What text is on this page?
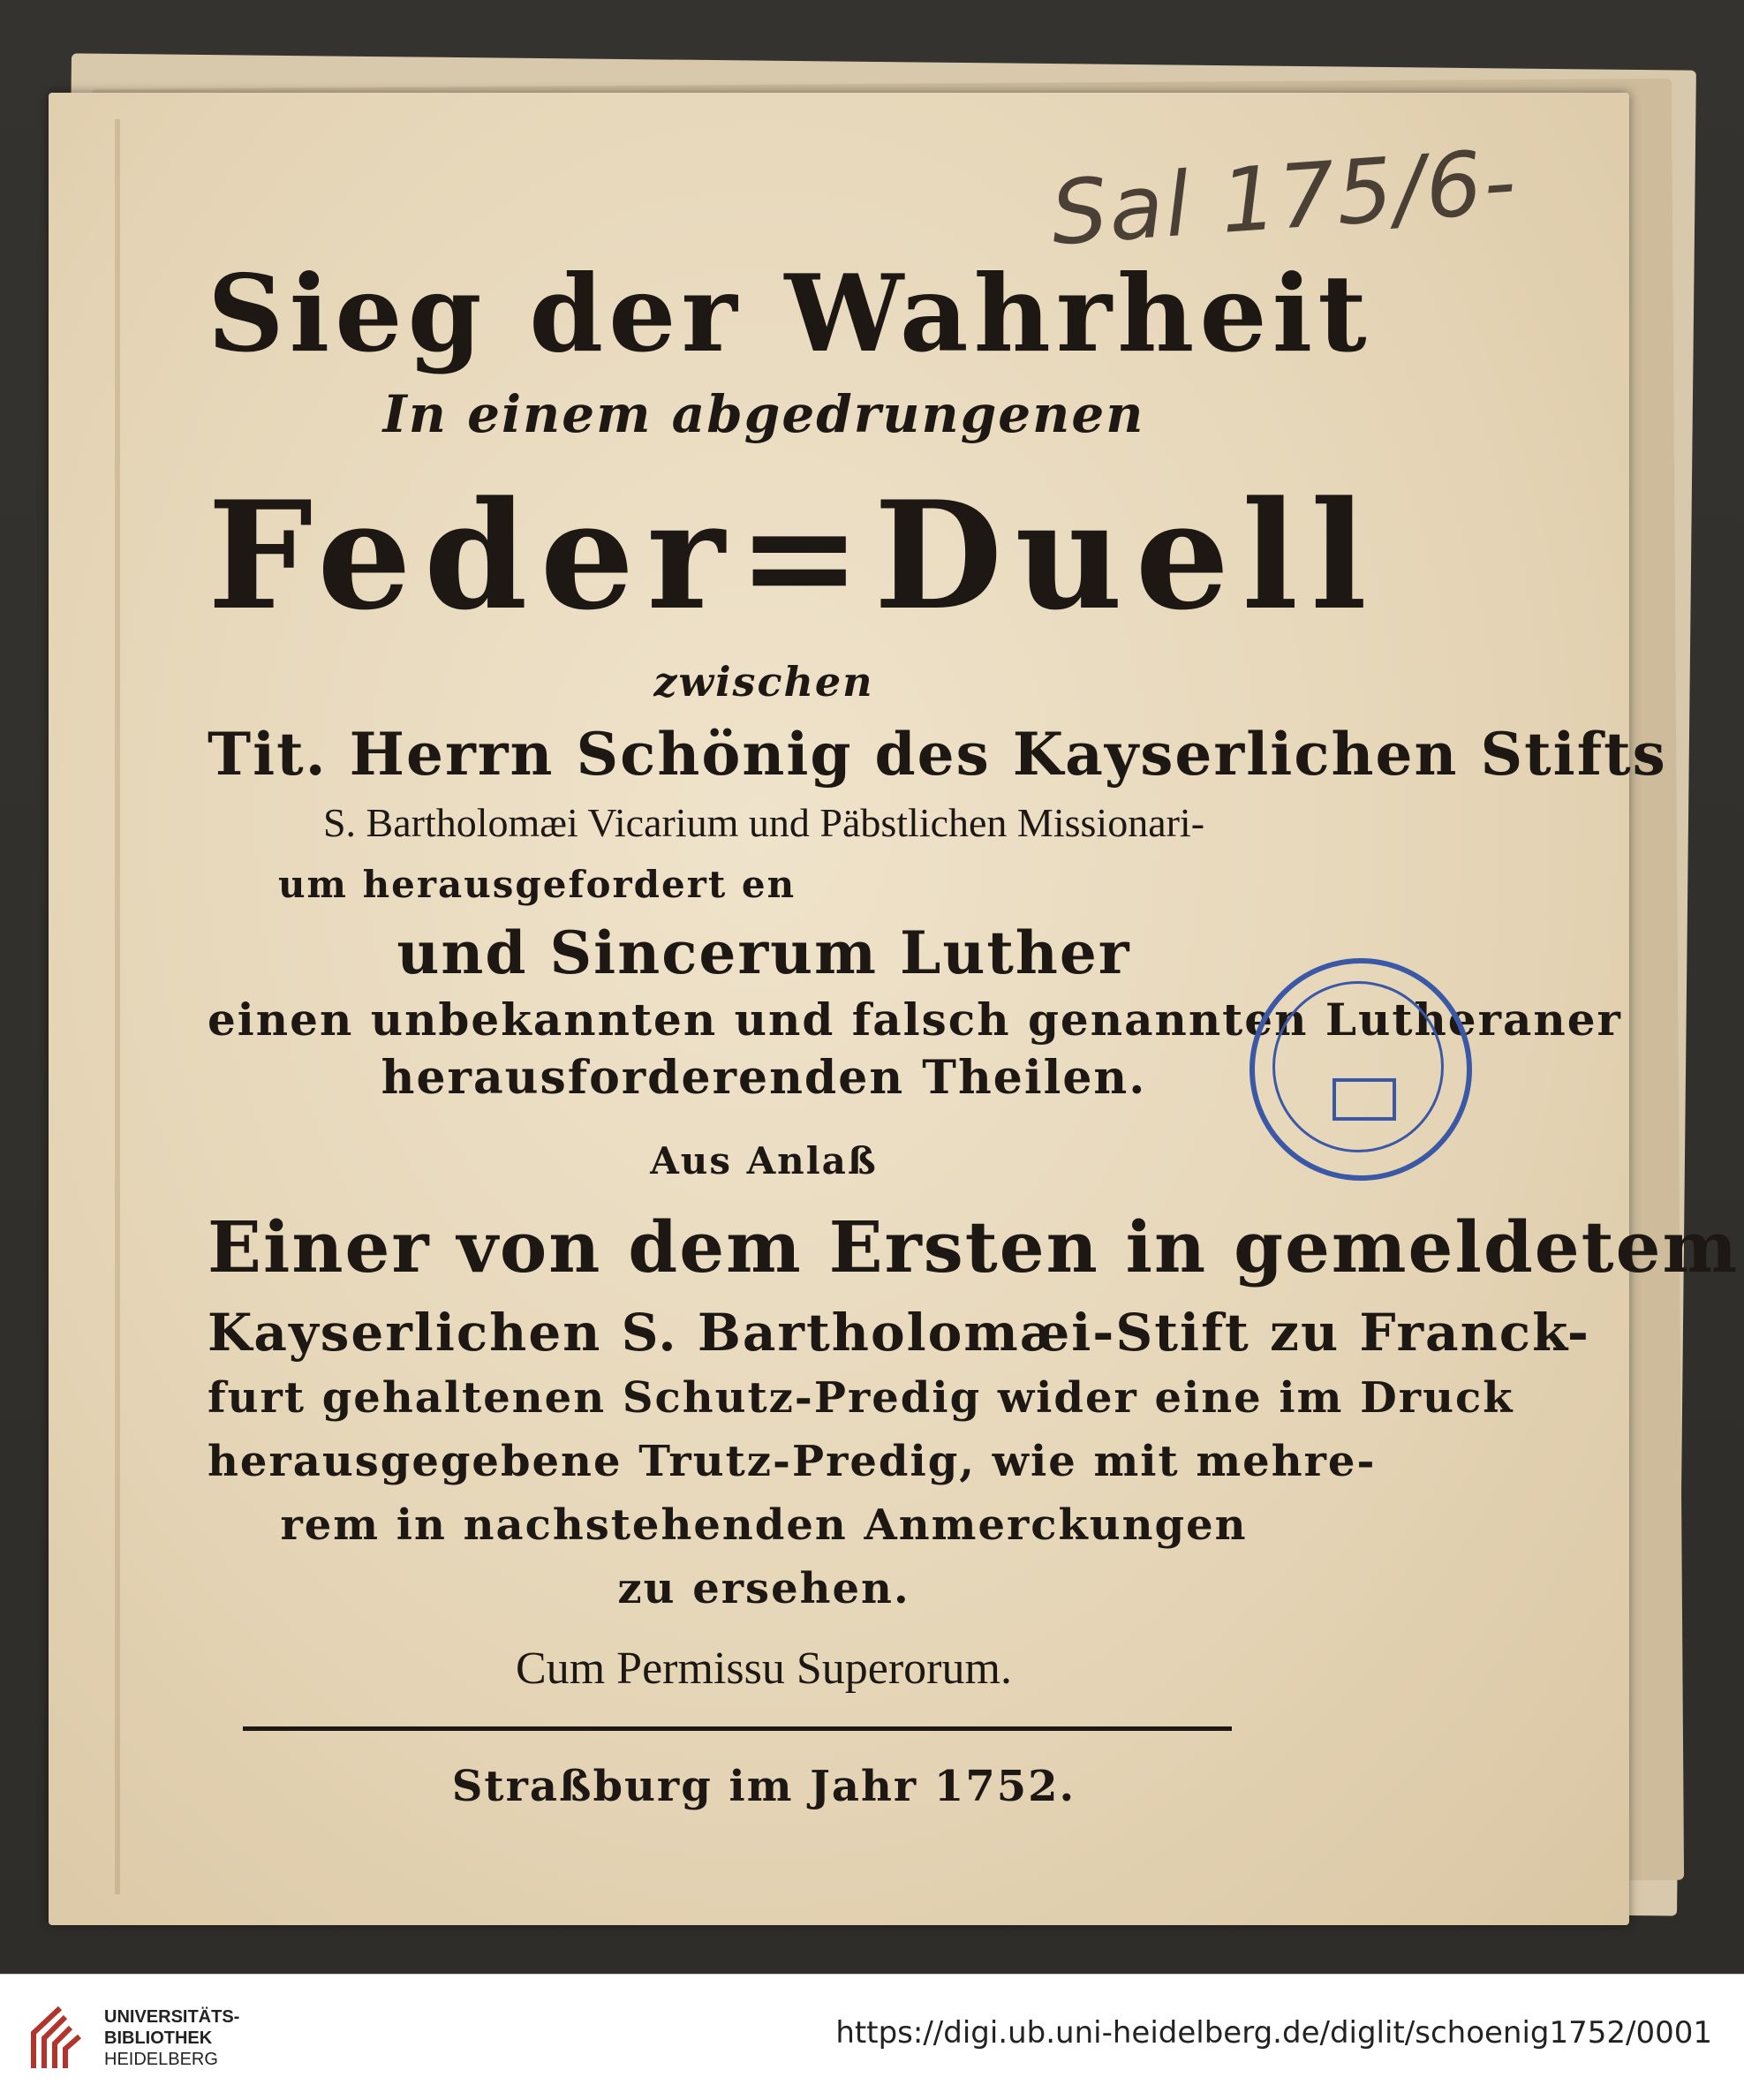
Sal 175/6-
Sieg der Wahrheit
In einem abgedrungenen
Feder=Duell
zwischen
Tit. Herrn Schönig des Kayserlichen Stifts
S. Bartholomæi Vicarium und Päbstlichen Missionari-
um herausgefordert en
und Sincerum Luther
einen unbekannten und falsch genannten Lutheraner
herausforderenden Theilen.
Aus Anlaß
Einer von dem Ersten in gemeldetem
Kayserlichen S. Bartholomæi-Stift zu Franck-
furt gehaltenen Schutz-Predig wider eine im Druck
herausgegebene Trutz-Predig, wie mit mehre-
rem in nachstehenden Anmerckungen
zu ersehen.
Cum Permissu Superorum.
Straßburg im Jahr 1752.
UNIVERSITÄTS-
BIBLIOTHEK
HEIDELBERG
https://digi.ub.uni-heidelberg.de/diglit/schoenig1752/0001
